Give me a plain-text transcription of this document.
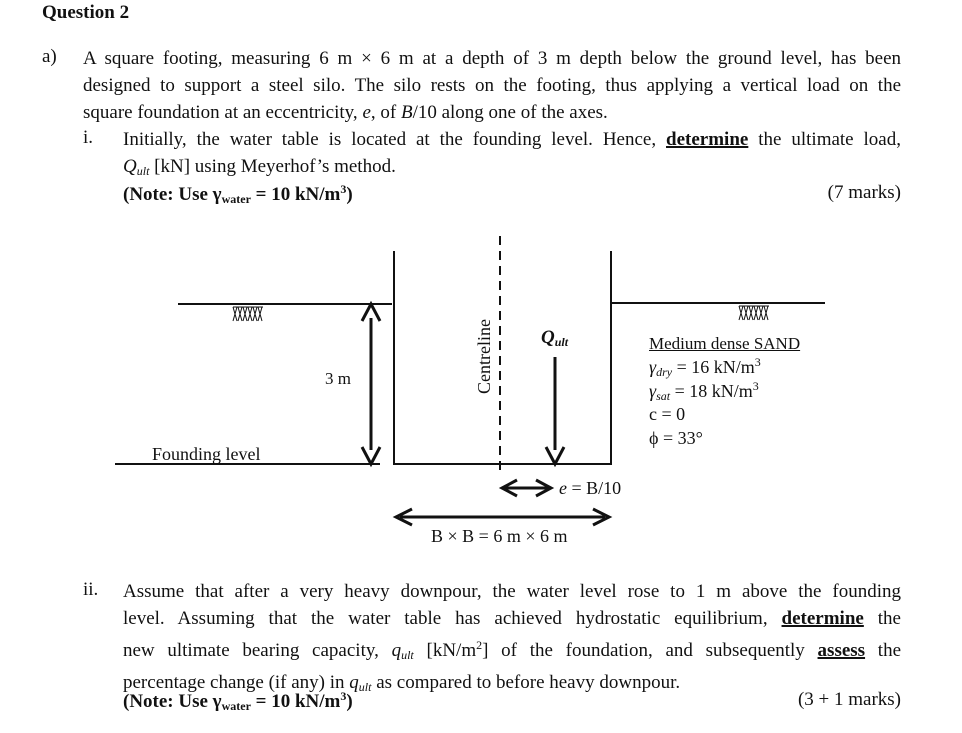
Question 2
a) A square footing, measuring 6 m × 6 m at a depth of 3 m depth below the ground level, has been
designed to support a steel silo. The silo rests on the footing, thus applying a vertical load on the
square foundation at an eccentricity, e, of B/10 along one of the axes.
i. Initially, the water table is located at the founding level. Hence, determine the ultimate load,
$Q_{ult}$ [kN] using Meyerhof’s method.
(Note: Use γwater = 10 $kN/m^3$)	(7 marks)
Centreline
3 m
Founding level
$Q_{ult}$	Medium dense SAND
$\gamma_{dry} = 16$ $kN/m^3$
$\gamma_{sat} = 18$ $kN/m^3$
c = 0
ϕ = 33°
e = B/10
B × B = 6 m × 6 m
ii. Assume that after a very heavy downpour, the water level rose to 1 m above the founding
level. Assuming that the water table has achieved hydrostatic equilibrium, determine the
new ultimate bearing capacity, $q_{ult}$ $[kN/m^2]$ of the foundation, and subsequently assess the
percentage change (if any) in $q_{ult}$ as compared to before heavy downpour.
(Note: Use γwater = 10 $kN/m^3$)	(3 + 1 marks)
